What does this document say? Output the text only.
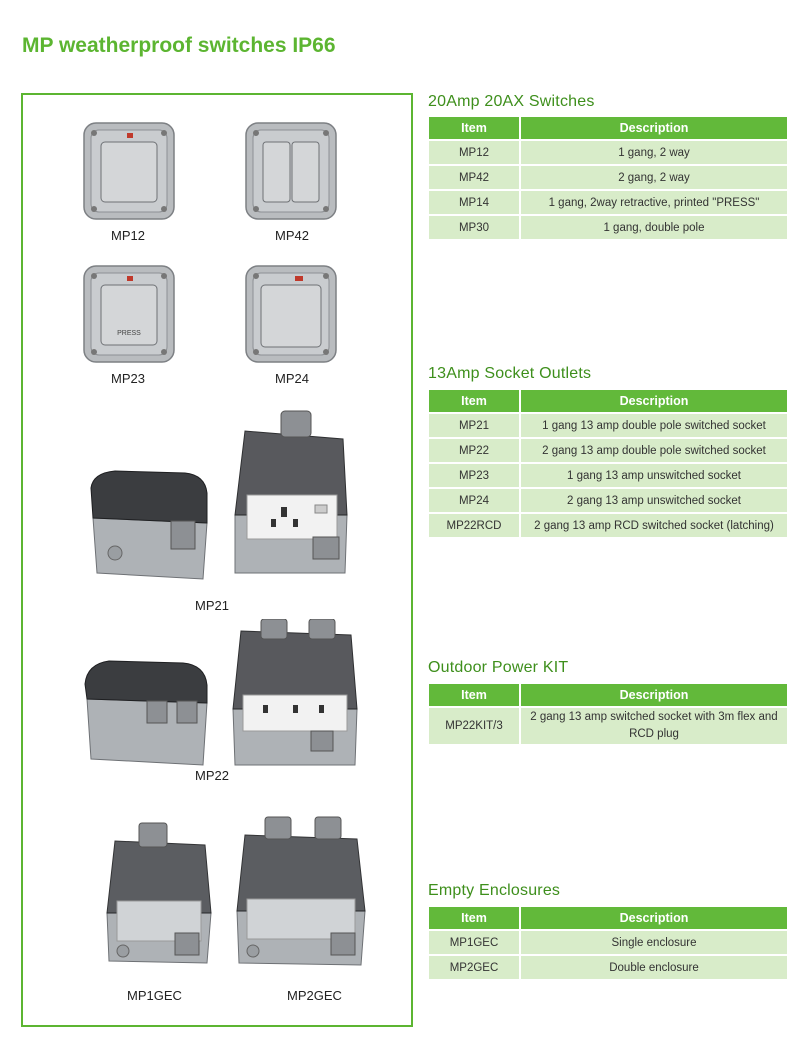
MP weatherproof switches IP66
MP12	MP42
PRESS
MP23	MP24
MP21
MP22
MP1GEC	MP2GEC
20Amp 20AX Switches
Item	Description
MP12	1 gang, 2 way
MP42	2 gang, 2 way
MP14	1 gang, 2way retractive, printed "PRESS"
MP30	1 gang, double pole
13Amp Socket Outlets
Item	Description
MP21	1 gang 13 amp double pole switched socket
MP22	2 gang 13 amp double pole switched socket
MP23	1 gang 13 amp unswitched socket
MP24	2 gang 13 amp unswitched socket
MP22RCD	2 gang 13 amp RCD switched socket (latching)
Outdoor Power KIT
Item	Description
MP22KIT/3	2 gang 13 amp switched socket with 3m flex and RCD plug
Empty Enclosures
Item	Description
MP1GEC	Single enclosure
MP2GEC	Double enclosure
